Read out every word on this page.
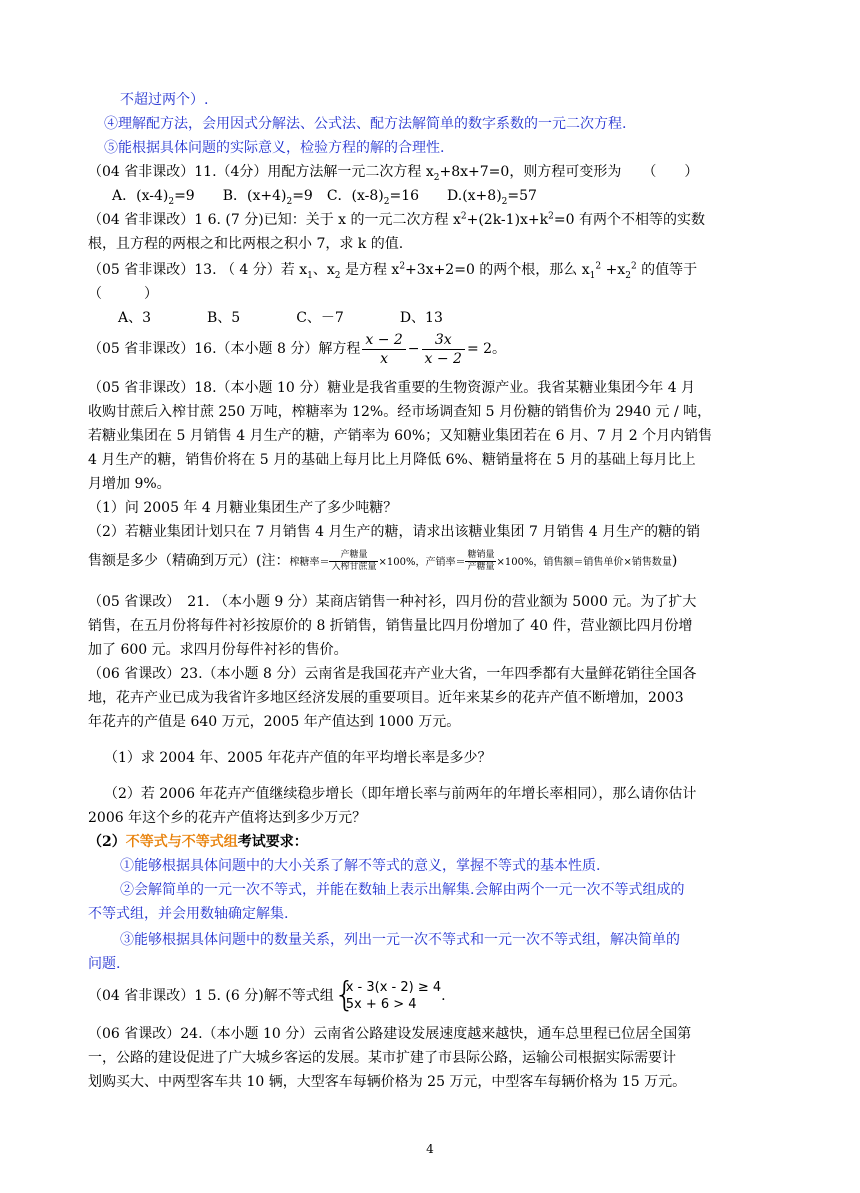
不超过两个）.
④理解配方法，会用因式分解法、公式法、配方法解简单的数字系数的一元二次方程.
⑤能根据具体问题的实际意义，检验方程的解的合理性.
（04 省非课改）11.（4分）用配方法解一元二次方程 $x_2+8x+7=0$，则方程可变形为　　（　　）
A．$(x-4)_2=9$　　B．$(x+4)_2=9$　C．$(x-8)_2=16$　　$D.(x+8)_2=57$
（04 省非课改）1 6. (7 分)已知：关于 x 的一元二次方程 $x^2+(2k-1)x+k^2=0$ 有两个不相等的实数
根，且方程的两根之和比两根之积小 7，求 k 的值.
（05 省非课改）13. （ 4 分）若 $x_1$、$x_2$ 是方程 $x^2+3x+2=0$ 的两个根，那么 $x_1^2 +x_2^2$ 的值等于
（　　　）
A、3　　　　B、5　　　　C、－7　　　　D、13
（05 省非课改）16.（本小题 8 分）解方程 $\frac{x - 2}{x} - \frac{3x}{x - 2} = 2$。
（05 省非课改）18.（本小题 10 分）糖业是我省重要的生物资源产业。我省某糖业集团今年 4 月
收购甘蔗后入榨甘蔗 250 万吨，榨糖率为 12%。经市场调查知 5 月份糖的销售价为 2940 元 / 吨，
若糖业集团在 5 月销售 4 月生产的糖，产销率为 60%；又知糖业集团若在 6 月、7 月 2 个月内销售
4 月生产的糖，销售价将在 5 月的基础上每月比上月降低 6%、糖销量将在 5 月的基础上每月比上
月增加 9%。
（1）问 2005 年 4 月糖业集团生产了多少吨糖？
（2）若糖业集团计划只在 7 月销售 4 月生产的糖，请求出该糖业集团 7 月销售 4 月生产的糖的销
售额是多少（精确到万元）(注：榨糖率＝ $\frac{\text{产糖量}}{\text{入榨甘蔗量}} \times 100\%$，产销率＝ $\frac{\text{糖销量}}{\text{产糖量}} \times 100\%$，销售额＝销售单价×销售数量)
（05 省课改）　21. （本小题 9 分）某商店销售一种衬衫，四月份的营业额为 5000 元。为了扩大
销售，在五月份将每件衬衫按原价的 8 折销售，销售量比四月份增加了 40 件，营业额比四月份增
加了 600 元。求四月份每件衬衫的售价。
（06 省课改）23.（本小题 8 分）云南省是我国花卉产业大省，一年四季都有大量鲜花销往全国各
地，花卉产业已成为我省许多地区经济发展的重要项目。近年来某乡的花卉产值不断增加，2003
年花卉的产值是 640 万元，2005 年产值达到 1000 万元。
（1）求 2004 年、2005 年花卉产值的年平均增长率是多少？
（2）若 2006 年花卉产值继续稳步增长（即年增长率与前两年的年增长率相同），那么请你估计
2006 年这个乡的花卉产值将达到多少万元？
（2）不等式与不等式组考试要求：
①能够根据具体问题中的大小关系了解不等式的意义，掌握不等式的基本性质.
②会解简单的一元一次不等式，并能在数轴上表示出解集.会解由两个一元一次不等式组成的
不等式组，并会用数轴确定解集.
③能够根据具体问题中的数量关系，列出一元一次不等式和一元一次不等式组，解决简单的
问题.
（04 省非课改）1 5. (6 分)解不等式组 {
x - 3(x - 2) ≥ 4
5x + 6 > 4
.
（06 省课改）24.（本小题 10 分）云南省公路建设发展速度越来越快，通车总里程已位居全国第
一，公路的建设促进了广大城乡客运的发展。某市扩建了市县际公路，运输公司根据实际需要计
划购买大、中两型客车共 10 辆，大型客车每辆价格为 25 万元，中型客车每辆价格为 15 万元。
4
